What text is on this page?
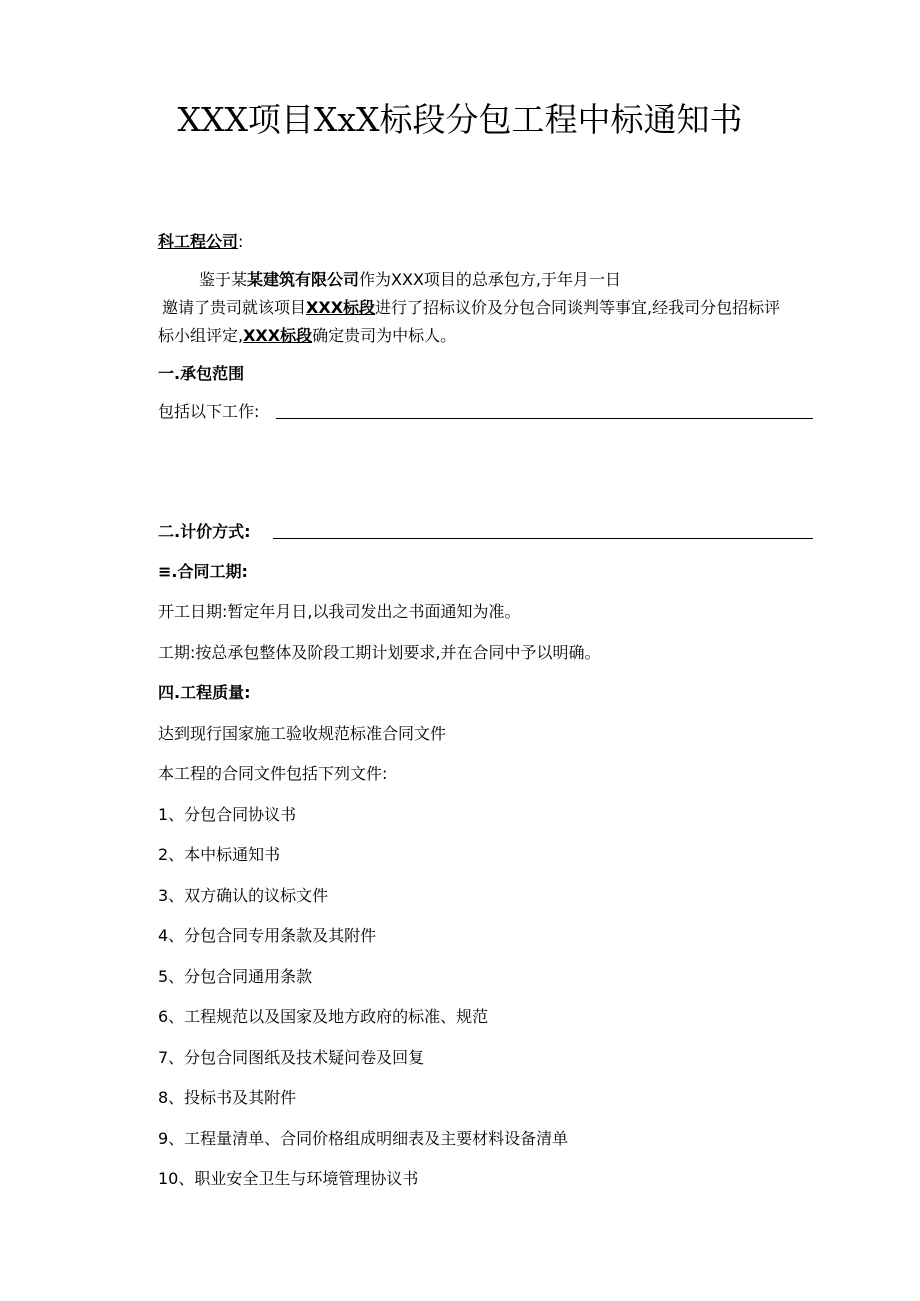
XXX项目XxX标段分包工程中标通知书
科工程公司:
鉴于某某建筑有限公司作为XXX项目的总承包方,于年月一日
邀请了贵司就该项目XXX标段进行了招标议价及分包合同谈判等事宜,经我司分包招标评
标小组评定,XXX标段确定贵司为中标人。
一.承包范围
包括以下工作:
二.计价方式:
≡.合同工期:
开工日期:暂定年月日,以我司发出之书面通知为准。
工期:按总承包整体及阶段工期计划要求,并在合同中予以明确。
四.工程质量:
达到现行国家施工验收规范标准合同文件
本工程的合同文件包括下列文件:
1、分包合同协议书
2、本中标通知书
3、双方确认的议标文件
4、分包合同专用条款及其附件
5、分包合同通用条款
6、工程规范以及国家及地方政府的标准、规范
7、分包合同图纸及技术疑问卷及回复
8、投标书及其附件
9、工程量清单、合同价格组成明细表及主要材料设备清单
10、职业安全卫生与环境管理协议书
